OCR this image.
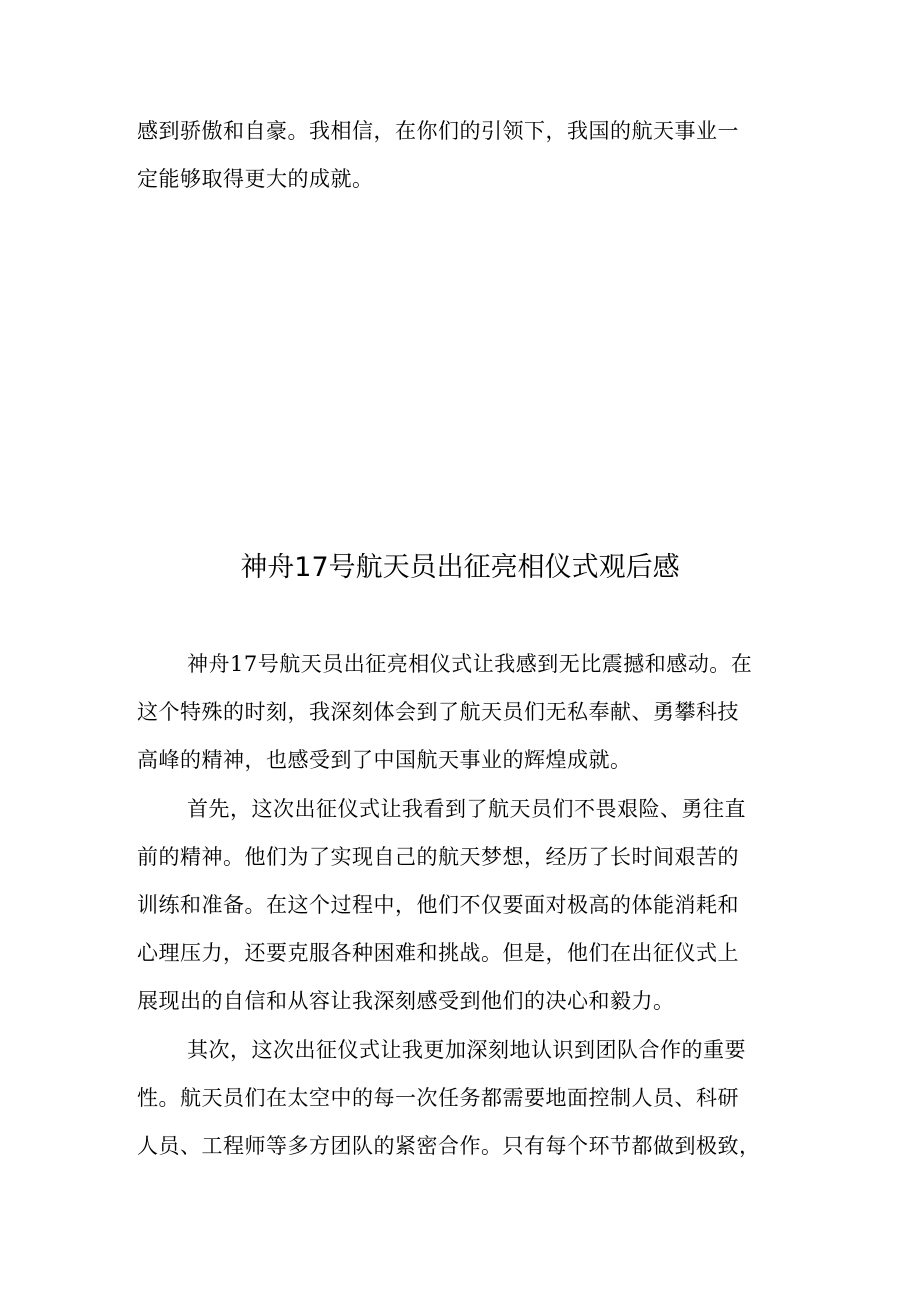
感到骄傲和自豪。我相信，在你们的引领下，我国的航天事业一
定能够取得更大的成就。
神舟17号航天员出征亮相仪式观后感
神舟17号航天员出征亮相仪式让我感到无比震撼和感动。在
这个特殊的时刻，我深刻体会到了航天员们无私奉献、勇攀科技
高峰的精神，也感受到了中国航天事业的辉煌成就。
首先，这次出征仪式让我看到了航天员们不畏艰险、勇往直
前的精神。他们为了实现自己的航天梦想，经历了长时间艰苦的
训练和准备。在这个过程中，他们不仅要面对极高的体能消耗和
心理压力，还要克服各种困难和挑战。但是，他们在出征仪式上
展现出的自信和从容让我深刻感受到他们的决心和毅力。
其次，这次出征仪式让我更加深刻地认识到团队合作的重要
性。航天员们在太空中的每一次任务都需要地面控制人员、科研
人员、工程师等多方团队的紧密合作。只有每个环节都做到极致，
